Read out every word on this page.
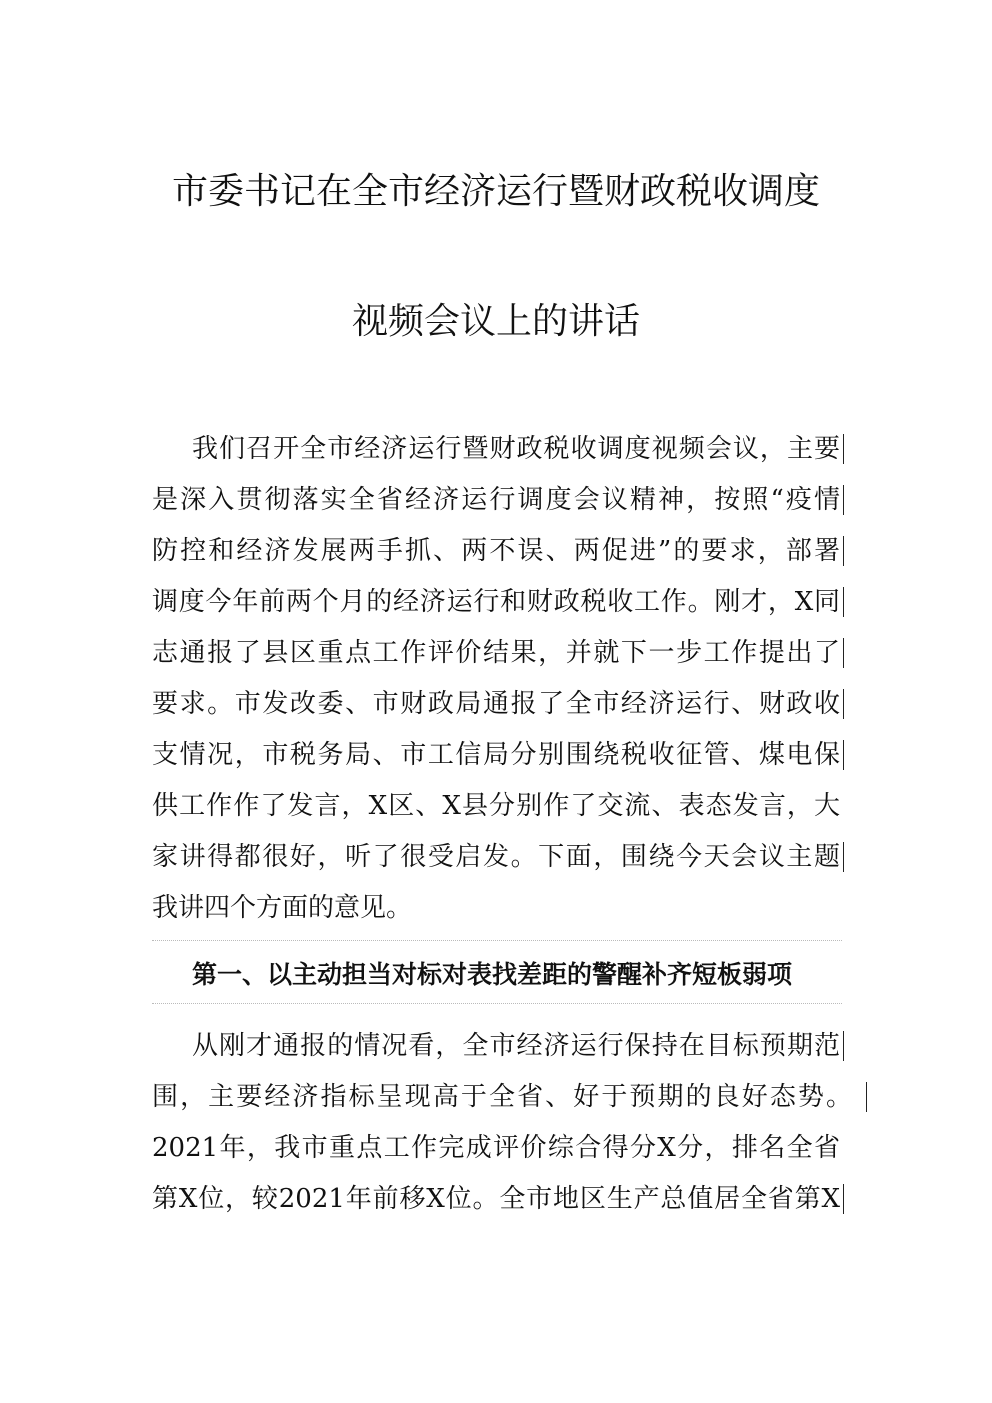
市委书记在全市经济运行暨财政税收调度
视频会议上的讲话
我们召开全市经济运行暨财政税收调度视频会议，主要
是深入贯彻落实全省经济运行调度会议精神，按照“疫情
防控和经济发展两手抓、两不误、两促进”的要求，部署
调度今年前两个月的经济运行和财政税收工作。刚才，X同
志通报了县区重点工作评价结果，并就下一步工作提出了
要求。市发改委、市财政局通报了全市经济运行、财政收
支情况，市税务局、市工信局分别围绕税收征管、煤电保
供工作作了发言，X区、X县分别作了交流、表态发言，大
家讲得都很好，听了很受启发。下面，围绕今天会议主题
我讲四个方面的意见。
第一、以主动担当对标对表找差距的警醒补齐短板弱项
从刚才通报的情况看，全市经济运行保持在目标预期范
围，主要经济指标呈现高于全省、好于预期的良好态势。
2021年，我市重点工作完成评价综合得分X分，排名全省
第X位，较2021年前移X位。全市地区生产总值居全省第X
